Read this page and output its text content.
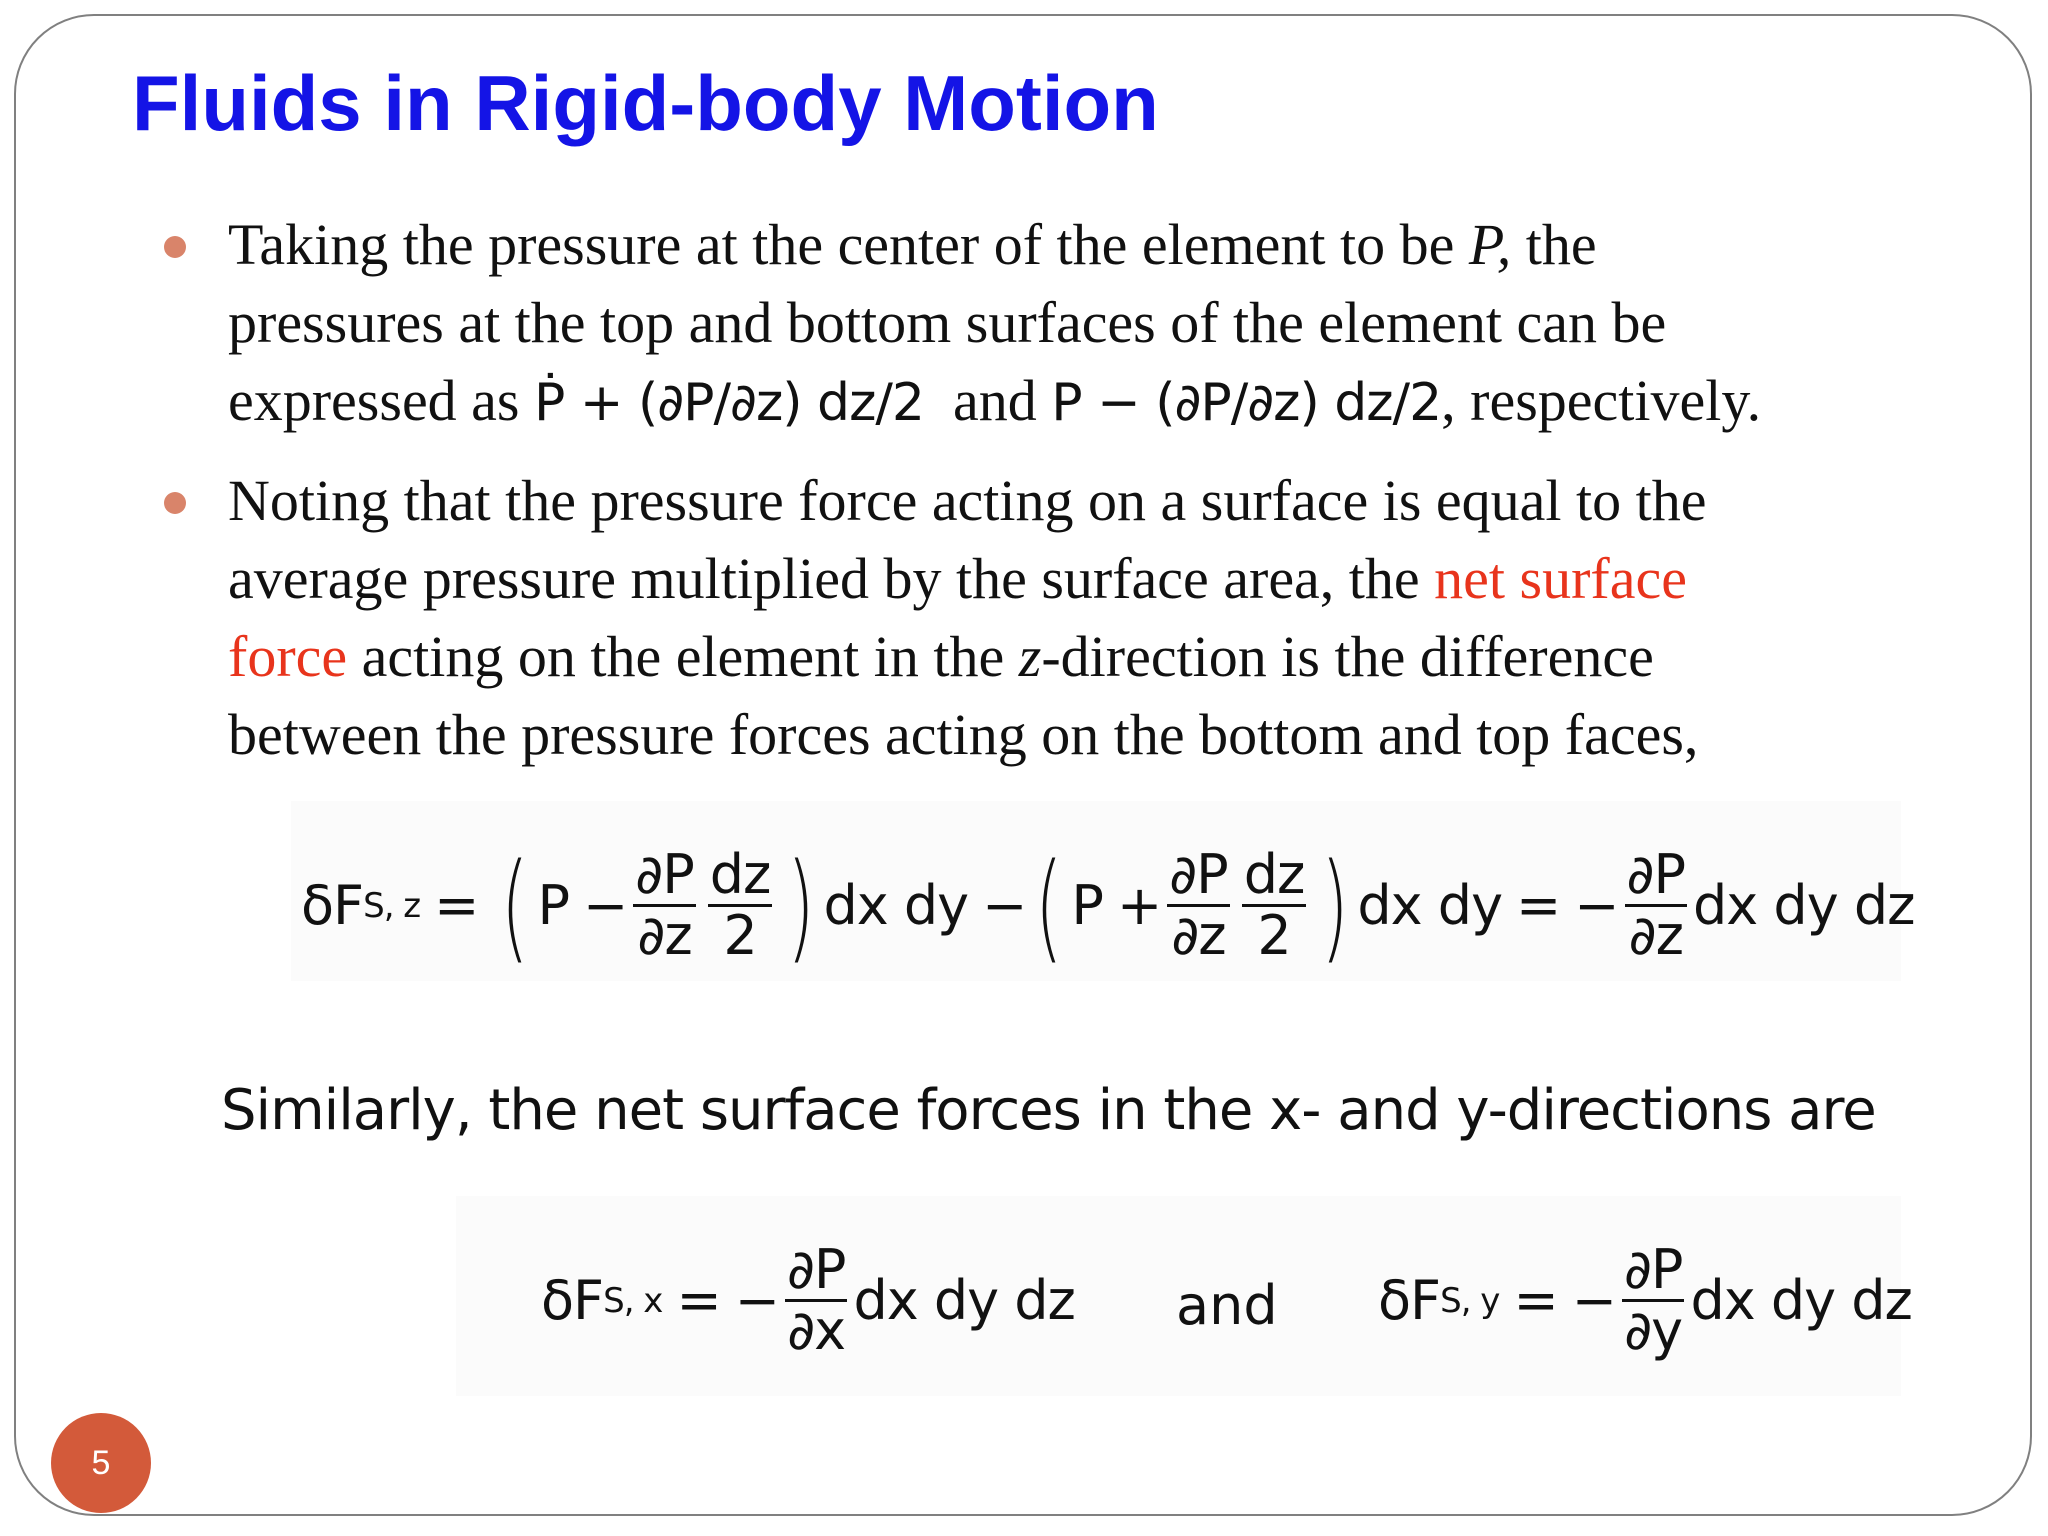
Fluids in Rigid-body Motion
Taking the pressure at the center of the element to be P, the
pressures at the top and bottom surfaces of the element can be
expressed as Ṗ + (∂P/∂z) dz/2  and P − (∂P/∂z) dz/2, respectively.
Noting that the pressure force acting on a surface is equal to the
average pressure multiplied by the surface area, the net surface
force acting on the element in the z-direction is the difference
between the pressure forces acting on the bottom and top faces,
δF S, z = ( $P - \frac{\partial P}{\partial z} \frac{dz}{2}$ ) dx dy − ( $P + \frac{\partial P}{\partial z} \frac{dz}{2}$ ) dx dy = − $\frac{\partial P}{\partial z}$ dx dy dz
Similarly, the net surface forces in the x- and y-directions are
δF S, x = − $\frac{\partial P}{\partial x}$ dx dy dz and δF S, y = − $\frac{\partial P}{\partial y}$ dx dy dz
5
